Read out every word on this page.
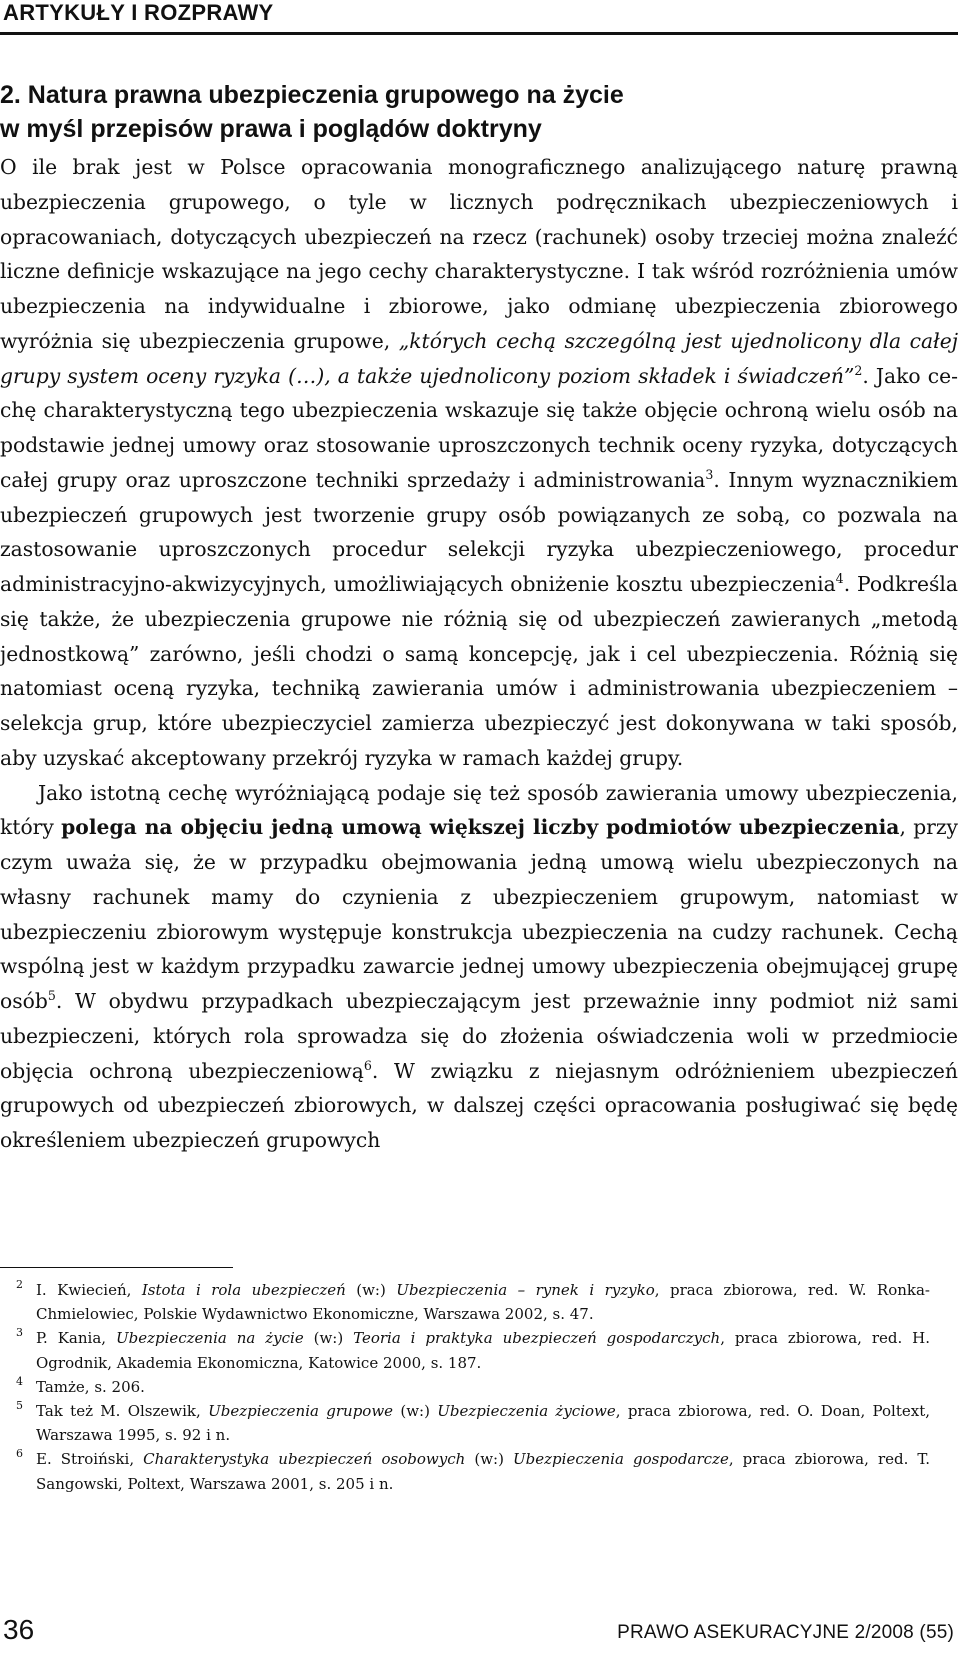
ARTYKUŁY I ROZPRAWY
2. Natura prawna ubezpieczenia grupowego na życie
w myśl przepisów prawa i poglądów doktryny

O ile brak jest w Polsce opracowania monograficznego analizującego naturę prawną ubezpieczenia grupowego, o tyle w licznych podręcznikach ubezpieczeniowych i opracowaniach, dotyczących ubezpieczeń na rzecz (rachunek) osoby trzeciej można znaleźć liczne definicje wskazujące na jego cechy charakterystyczne. I tak wśród rozróżnienia umów ubezpieczenia na indywidualne i zbiorowe, jako odmianę ubezpieczenia zbiorowego wyróżnia się ubezpieczenia grupowe, „których cechą szczególną jest ujednolicony dla całej grupy system oceny ryzyka (…), a także ujednolicony poziom składek i świadczeń”$^2$. Jako cechę charakterystyczną tego ubezpieczenia wskazuje się także objęcie ochroną wielu osób na podstawie jednej umowy oraz stosowanie uproszczonych technik oceny ryzyka, dotyczących całej grupy oraz uproszczone techniki sprzedaży i administrowania$^3$. Innym wyznacznikiem ubezpieczeń grupowych jest tworzenie grupy osób powiązanych ze sobą, co pozwala na zastosowanie uproszczonych procedur selekcji ryzyka ubezpieczeniowego, procedur administracyjno-akwizycyjnych, umożliwiających obniżenie kosztu ubezpieczenia$^4$. Podkreśla się także, że ubezpieczenia grupowe nie różnią się od ubezpieczeń zawieranych „metodą jednostkową” zarówno, jeśli chodzi o samą koncepcję, jak i cel ubezpieczenia. Różnią się natomiast oceną ryzyka, techniką zawierania umów i administrowania ubezpieczeniem – selekcja grup, które ubezpieczyciel zamierza ubezpieczyć jest dokonywana w taki sposób, aby uzyskać akceptowany przekrój ryzyka w ramach każdej grupy.

Jako istotną cechę wyróżniającą podaje się też sposób zawierania umowy ubezpieczenia, który polega na objęciu jedną umową większej liczby podmiotów ubezpieczenia, przy czym uważa się, że w przypadku obejmowania jedną umową wielu ubezpieczonych na własny rachunek mamy do czynienia z ubezpieczeniem grupowym, natomiast w ubezpieczeniu zbiorowym występuje konstrukcja ubezpieczenia na cudzy rachunek. Cechą wspólną jest w każdym przypadku zawarcie jednej umowy ubezpieczenia obejmującej grupę osób$^5$. W obydwu przypadkach ubezpieczającym jest przeważnie inny podmiot niż sami ubezpieczeni, których rola sprowadza się do złożenia oświadczenia woli w przedmiocie objęcia ochroną ubezpieczeniową$^6$. W związku z niejasnym odróżnieniem ubezpieczeń grupowych od ubezpieczeń zbiorowych, w dalszej części opracowania posługiwać się będę określeniem ubezpieczeń grupowych

2 I. Kwiecień, Istota i rola ubezpieczeń (w:) Ubezpieczenia – rynek i ryzyko, praca zbiorowa, red. W. Ronka-Chmielowiec, Polskie Wydawnictwo Ekonomiczne, Warszawa 2002, s. 47.
3 P. Kania, Ubezpieczenia na życie (w:) Teoria i praktyka ubezpieczeń gospodarczych, praca zbiorowa, red. H. Ogrodnik, Akademia Ekonomiczna, Katowice 2000, s. 187.
4 Tamże, s. 206.
5 Tak też M. Olszewik, Ubezpieczenia grupowe (w:) Ubezpieczenia życiowe, praca zbiorowa, red. O. Doan, Poltext, Warszawa 1995, s. 92 i n.
6 E. Stroiński, Charakterystyka ubezpieczeń osobowych (w:) Ubezpieczenia gospodarcze, praca zbiorowa, red. T. Sangowski, Poltext, Warszawa 2001, s. 205 i n.
36	PRAWO ASEKURACYJNE 2/2008 (55)
